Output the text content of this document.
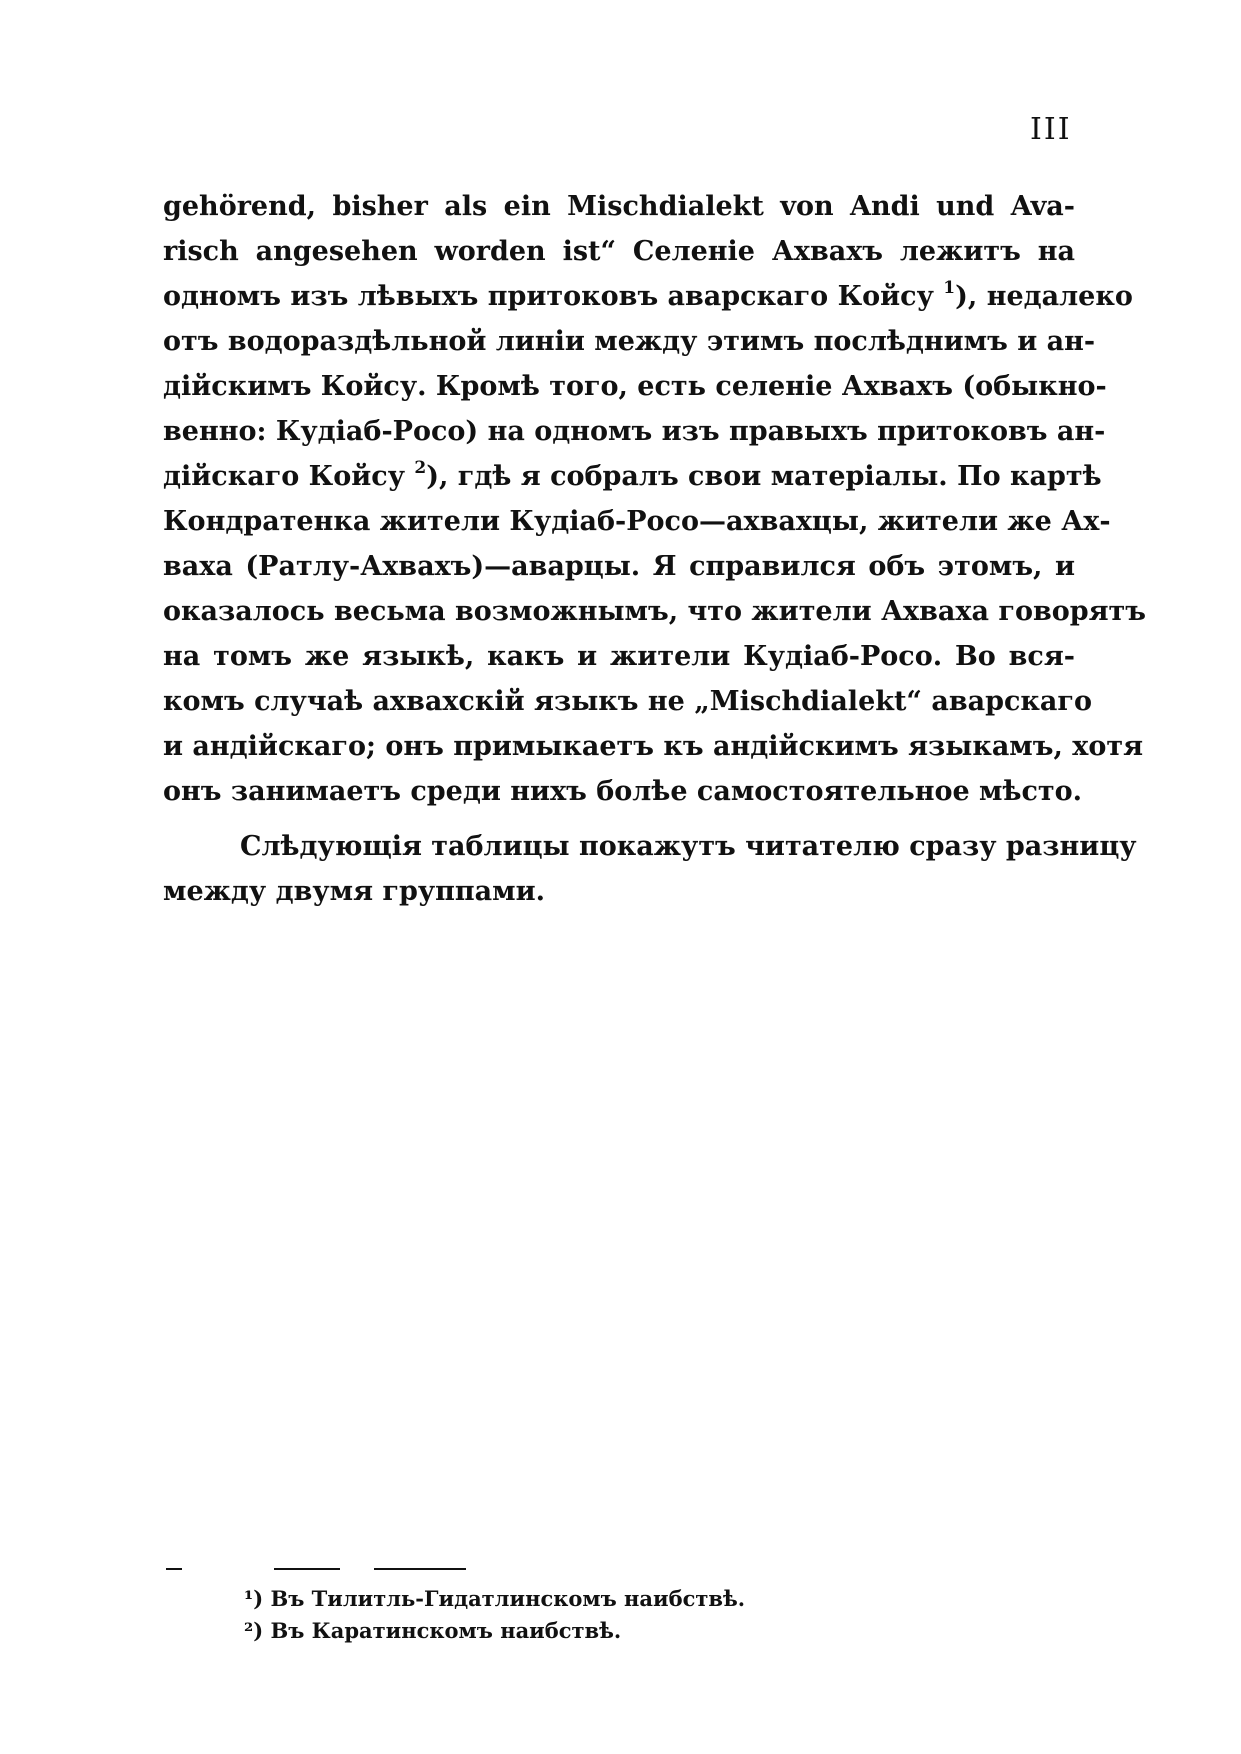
III
gehörend, bisher als ein Mischdialekt von Andi und Ava-
risch angesehen worden ist“ Селеніе Ахвахъ лежитъ на
одномъ изъ лѣвыхъ притоковъ аварскаго Койсу $^1$), недалеко
отъ водораздѣльной линіи между этимъ послѣднимъ и ан-
дійскимъ Койсу. Кромѣ того, есть селеніе Ахвахъ (обыкно-
венно: Кудіаб-Росо) на одномъ изъ правыхъ притоковъ ан-
дійскаго Койсу $^2$), гдѣ я собралъ свои матеріалы. По картѣ
Кондратенка жители Кудіаб-Росо—ахвахцы, жители же Ах-
ваха (Ратлу-Ахвахъ)—аварцы. Я справился объ этомъ, и
оказалось весьма возможнымъ, что жители Ахваха говорятъ
на томъ же языкѣ, какъ и жители Кудіаб-Росо. Во вся-
комъ случаѣ ахвахскій языкъ не „Mischdialekt“ аварскаго
и андійскаго; онъ примыкаетъ къ андійскимъ языкамъ, хотя
онъ занимаетъ среди нихъ болѣе самостоятельное мѣсто.
Слѣдующія таблицы покажутъ читателю сразу разницу
между двумя группами.
¹) Въ Тилитль-Гидатлинскомъ наибствѣ.
²) Въ Каратинскомъ наибствѣ.
